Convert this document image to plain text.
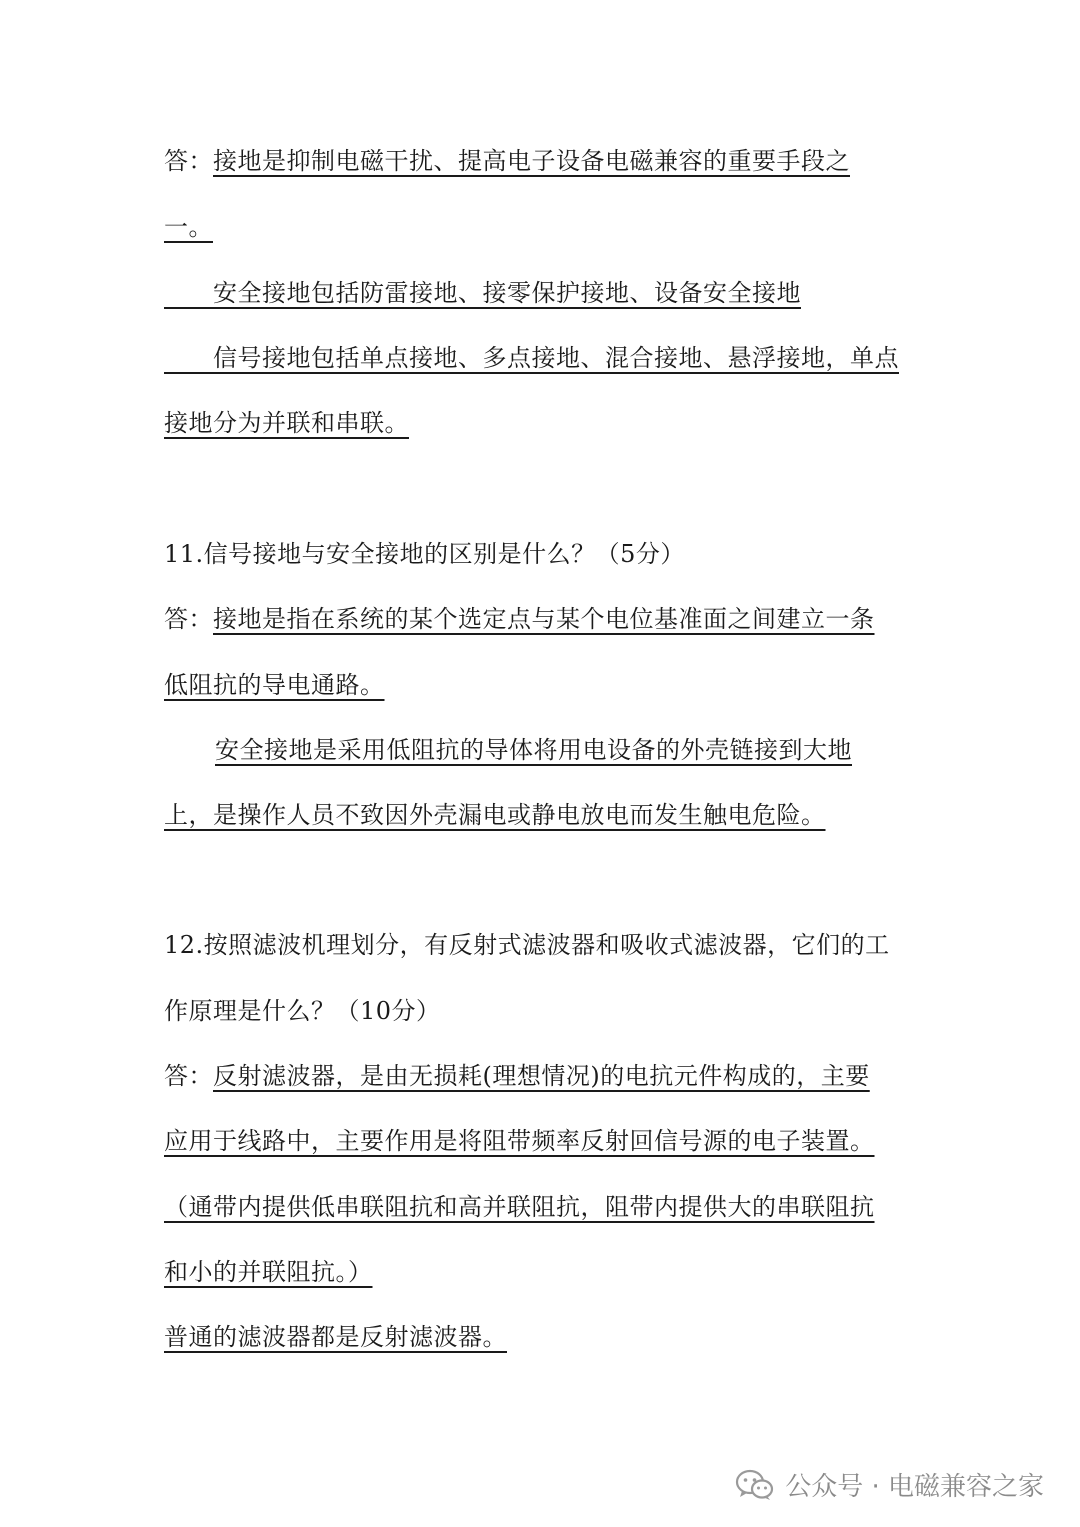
答：接地是抑制电磁干扰、提高电子设备电磁兼容的重要手段之
一。
　　安全接地包括防雷接地、接零保护接地、设备安全接地
　　信号接地包括单点接地、多点接地、混合接地、悬浮接地，单点
接地分为并联和串联。
11.信号接地与安全接地的区别是什么？（5分）
答：接地是指在系统的某个选定点与某个电位基准面之间建立一条
低阻抗的导电通路。
安全接地是采用低阻抗的导体将用电设备的外壳链接到大地
上，是操作人员不致因外壳漏电或静电放电而发生触电危险。
12.按照滤波机理划分，有反射式滤波器和吸收式滤波器，它们的工
作原理是什么？（10分）
答：反射滤波器，是由无损耗(理想情况)的电抗元件构成的，主要
应用于线路中，主要作用是将阻带频率反射回信号源的电子装置。
（通带内提供低串联阻抗和高并联阻抗，阻带内提供大的串联阻抗
和小的并联阻抗。）
普通的滤波器都是反射滤波器。
公众号 · 电磁兼容之家
